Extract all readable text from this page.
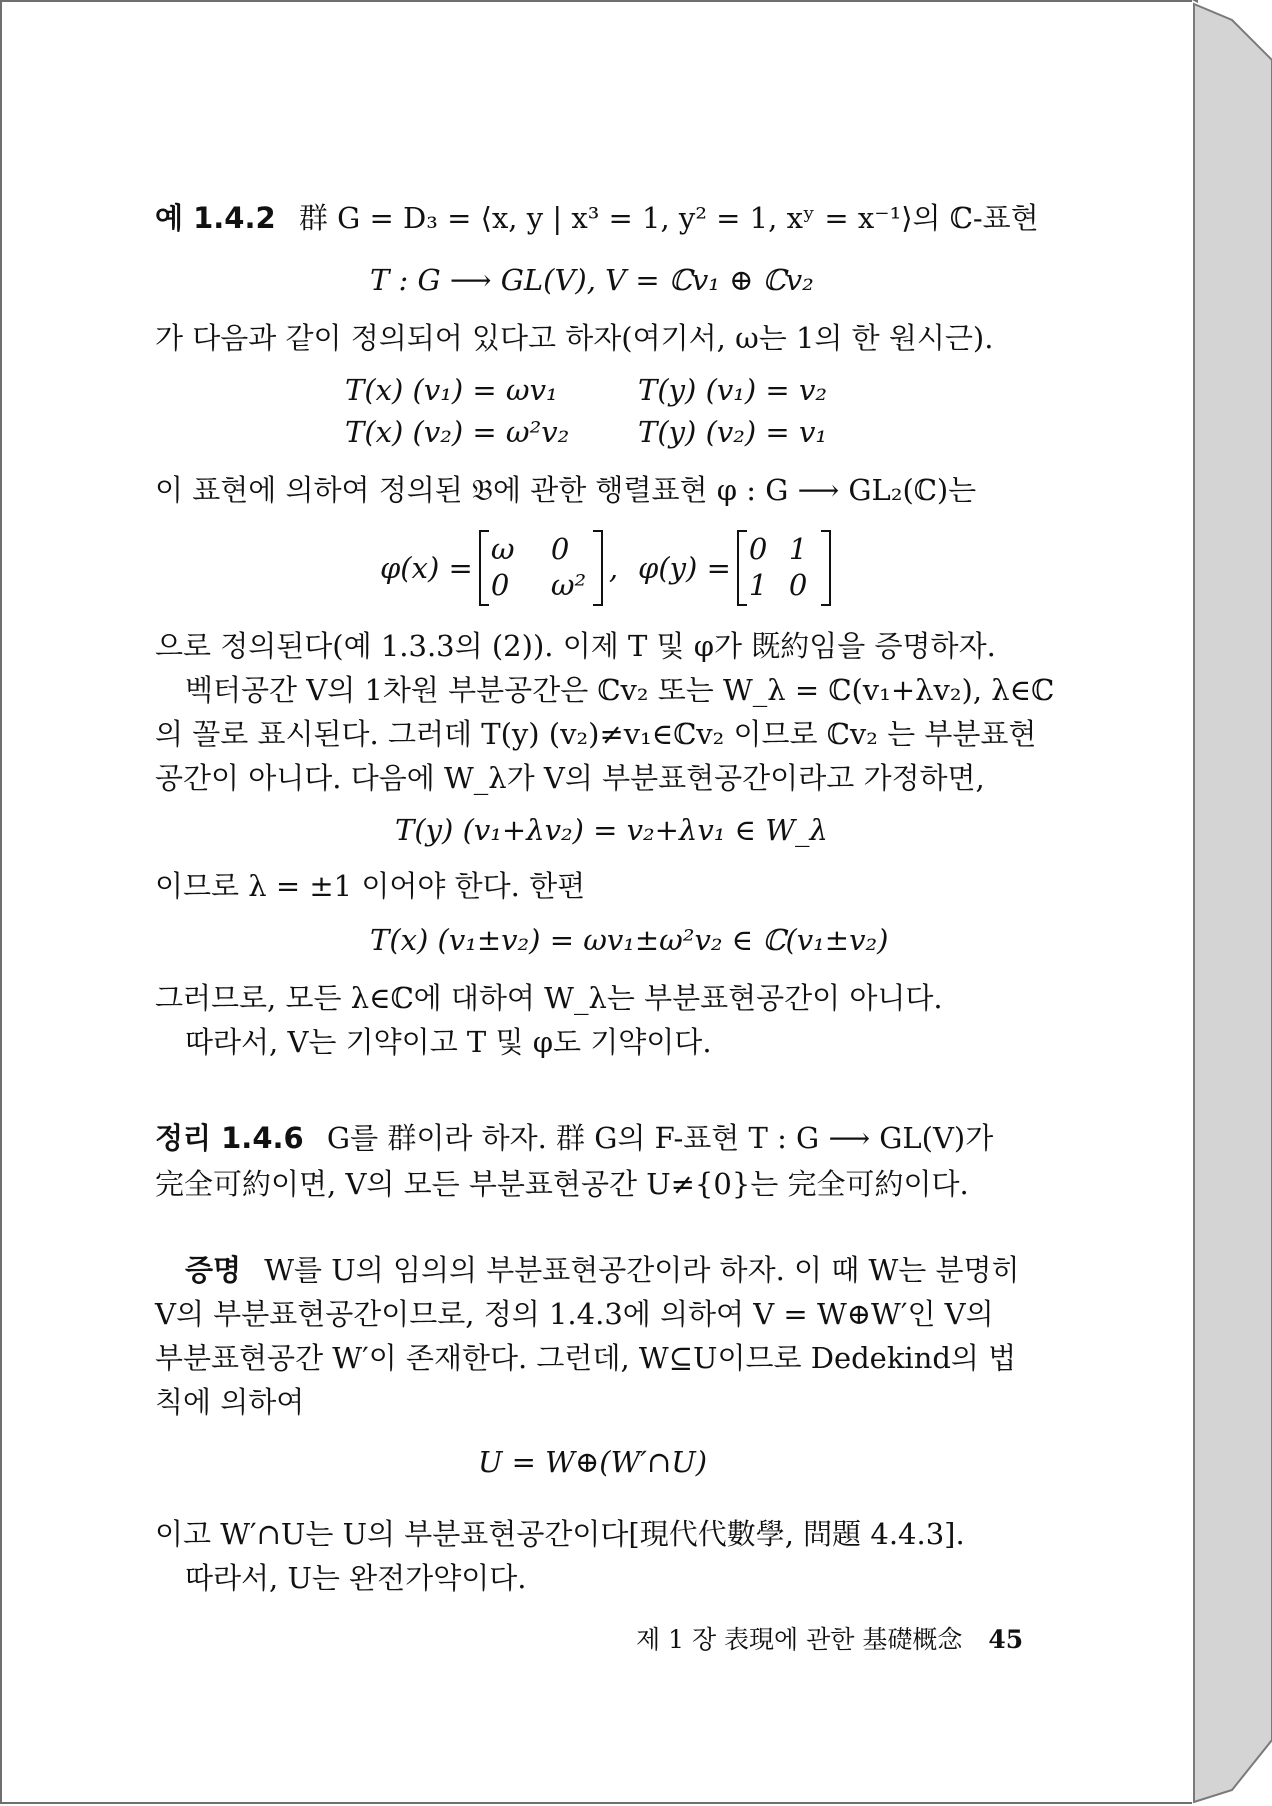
예 1.4.2 群 G = D₃ = ⟨x, y | x³ = 1, y² = 1, xʸ = x⁻¹⟩의 ℂ-표현
T : G ⟶ GL(V), V = ℂv₁ ⊕ ℂv₂
가 다음과 같이 정의되어 있다고 하자(여기서, ω는 1의 한 원시근).
T(x) (v₁) = ωv₁	T(y) (v₁) = v₂
T(x) (v₂) = ω²v₂ T(y) (v₂) = v₁
이 표현에 의하여 정의된 𝔅에 관한 행렬표현 φ : G ⟶ GL₂(ℂ)는
φ(x) =
ω	0
0	ω² , φ(y) =
0 1
1 0
으로 정의된다(예 1.3.3의 (2)). 이제 T 및 φ가 既約임을 증명하자.
벡터공간 V의 1차원 부분공간은 ℂv₂ 또는 W_λ = ℂ(v₁+λv₂), λ∈ℂ
의 꼴로 표시된다. 그러데 T(y) (v₂)≠v₁∈ℂv₂ 이므로 ℂv₂ 는 부분표현
공간이 아니다. 다음에 W_λ가 V의 부분표현공간이라고 가정하면,
T(y) (v₁+λv₂) = v₂+λv₁ ∈ W_λ
이므로 λ = ±1 이어야 한다. 한편
T(x) (v₁±v₂) = ωv₁±ω²v₂ ∈ ℂ(v₁±v₂)
그러므로, 모든 λ∈ℂ에 대하여 W_λ는 부분표현공간이 아니다.
따라서, V는 기약이고 T 및 φ도 기약이다.
정리 1.4.6 G를 群이라 하자. 群 G의 F-표현 T : G ⟶ GL(V)가
完全可約이면, V의 모든 부분표현공간 U≠{0}는 完全可約이다.
증명 W를 U의 임의의 부분표현공간이라 하자. 이 때 W는 분명히
V의 부분표현공간이므로, 정의 1.4.3에 의하여 V = W⊕W′인 V의
부분표현공간 W′이 존재한다. 그런데, W⊆U이므로 Dedekind의 법
칙에 의하여
U = W⊕(W′∩U)
이고 W′∩U는 U의 부분표현공간이다[現代代數學, 問題 4.4.3].
따라서, U는 완전가약이다.
제 1 장 表現에 관한 基礎概念 45
